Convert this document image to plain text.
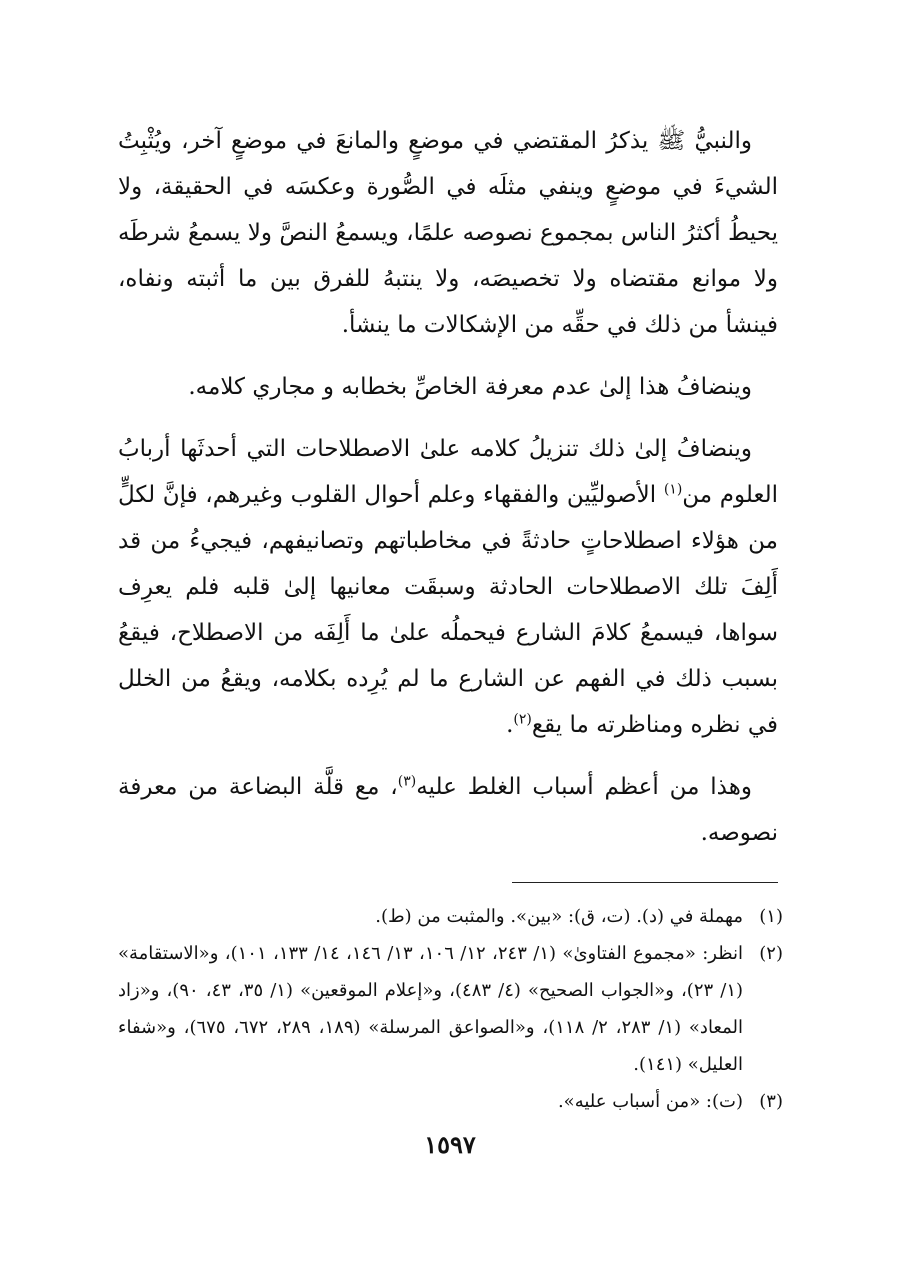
والنبيُّ ﷺ يذكرُ المقتضي في موضعٍ والمانعَ في موضعٍ آخر، ويُثْبِتُ الشيءَ في موضعٍ وينفي مثلَه في الصُّورة وعكسَه في الحقيقة، ولا يحيطُ أكثرُ الناس بمجموع نصوصه علمًا، ويسمعُ النصَّ ولا يسمعُ شرطَه ولا موانع مقتضاه ولا تخصيصَه، ولا ينتبهُ للفرق بين ما أثبته ونفاه، فينشأ من ذلك في حقِّه من الإشكالات ما ينشأ.

وينضافُ هذا إلىٰ عدم معرفة الخاصِّ بخطابه و مجاري كلامه.

وينضافُ إلىٰ ذلك تنزيلُ كلامه علىٰ الاصطلاحات التي أحدثَها أربابُ العلوم من$^{(١)}$ الأصوليِّين والفقهاء وعلم أحوال القلوب وغيرهم، فإنَّ لكلٍّ من هؤلاء اصطلاحاتٍ حادثةً في مخاطباتهم وتصانيفهم، فيجيءُ من قد أَلِفَ تلك الاصطلاحات الحادثة وسبقَت معانيها إلىٰ قلبه فلم يعرِف سواها، فيسمعُ كلامَ الشارع فيحملُه علىٰ ما أَلِفَه من الاصطلاح، فيقعُ بسبب ذلك في الفهم عن الشارع ما لم يُرِده بكلامه، ويقعُ من الخلل في نظره ومناظرته ما يقع$^{(٢)}$.

وهذا من أعظم أسباب الغلط عليه$^{(٣)}$، مع قلَّة البضاعة من معرفة نصوصه.

(١)
مهملة في (د). (ت، ق): «بين». والمثبت من (ط).
(٢)
انظر: «مجموع الفتاوىٰ» (١/ ٢٤٣، ١٢/ ١٠٦، ١٣/ ١٤٦، ١٤/ ١٣٣، ١٠١)، و«الاستقامة» (١/ ٢٣)، و«الجواب الصحيح» (٤/ ٤٨٣)، و«إعلام الموقعين» (١/ ٣٥، ٤٣، ٩٠)، و«زاد المعاد» (١/ ٢٨٣، ٢/ ١١٨)، و«الصواعق المرسلة» (١٨٩، ٢٨٩، ٦٧٢، ٦٧٥)، و«شفاء العليل» (١٤١).
(٣)
(ت): «من أسباب عليه».
١٥٩٧
